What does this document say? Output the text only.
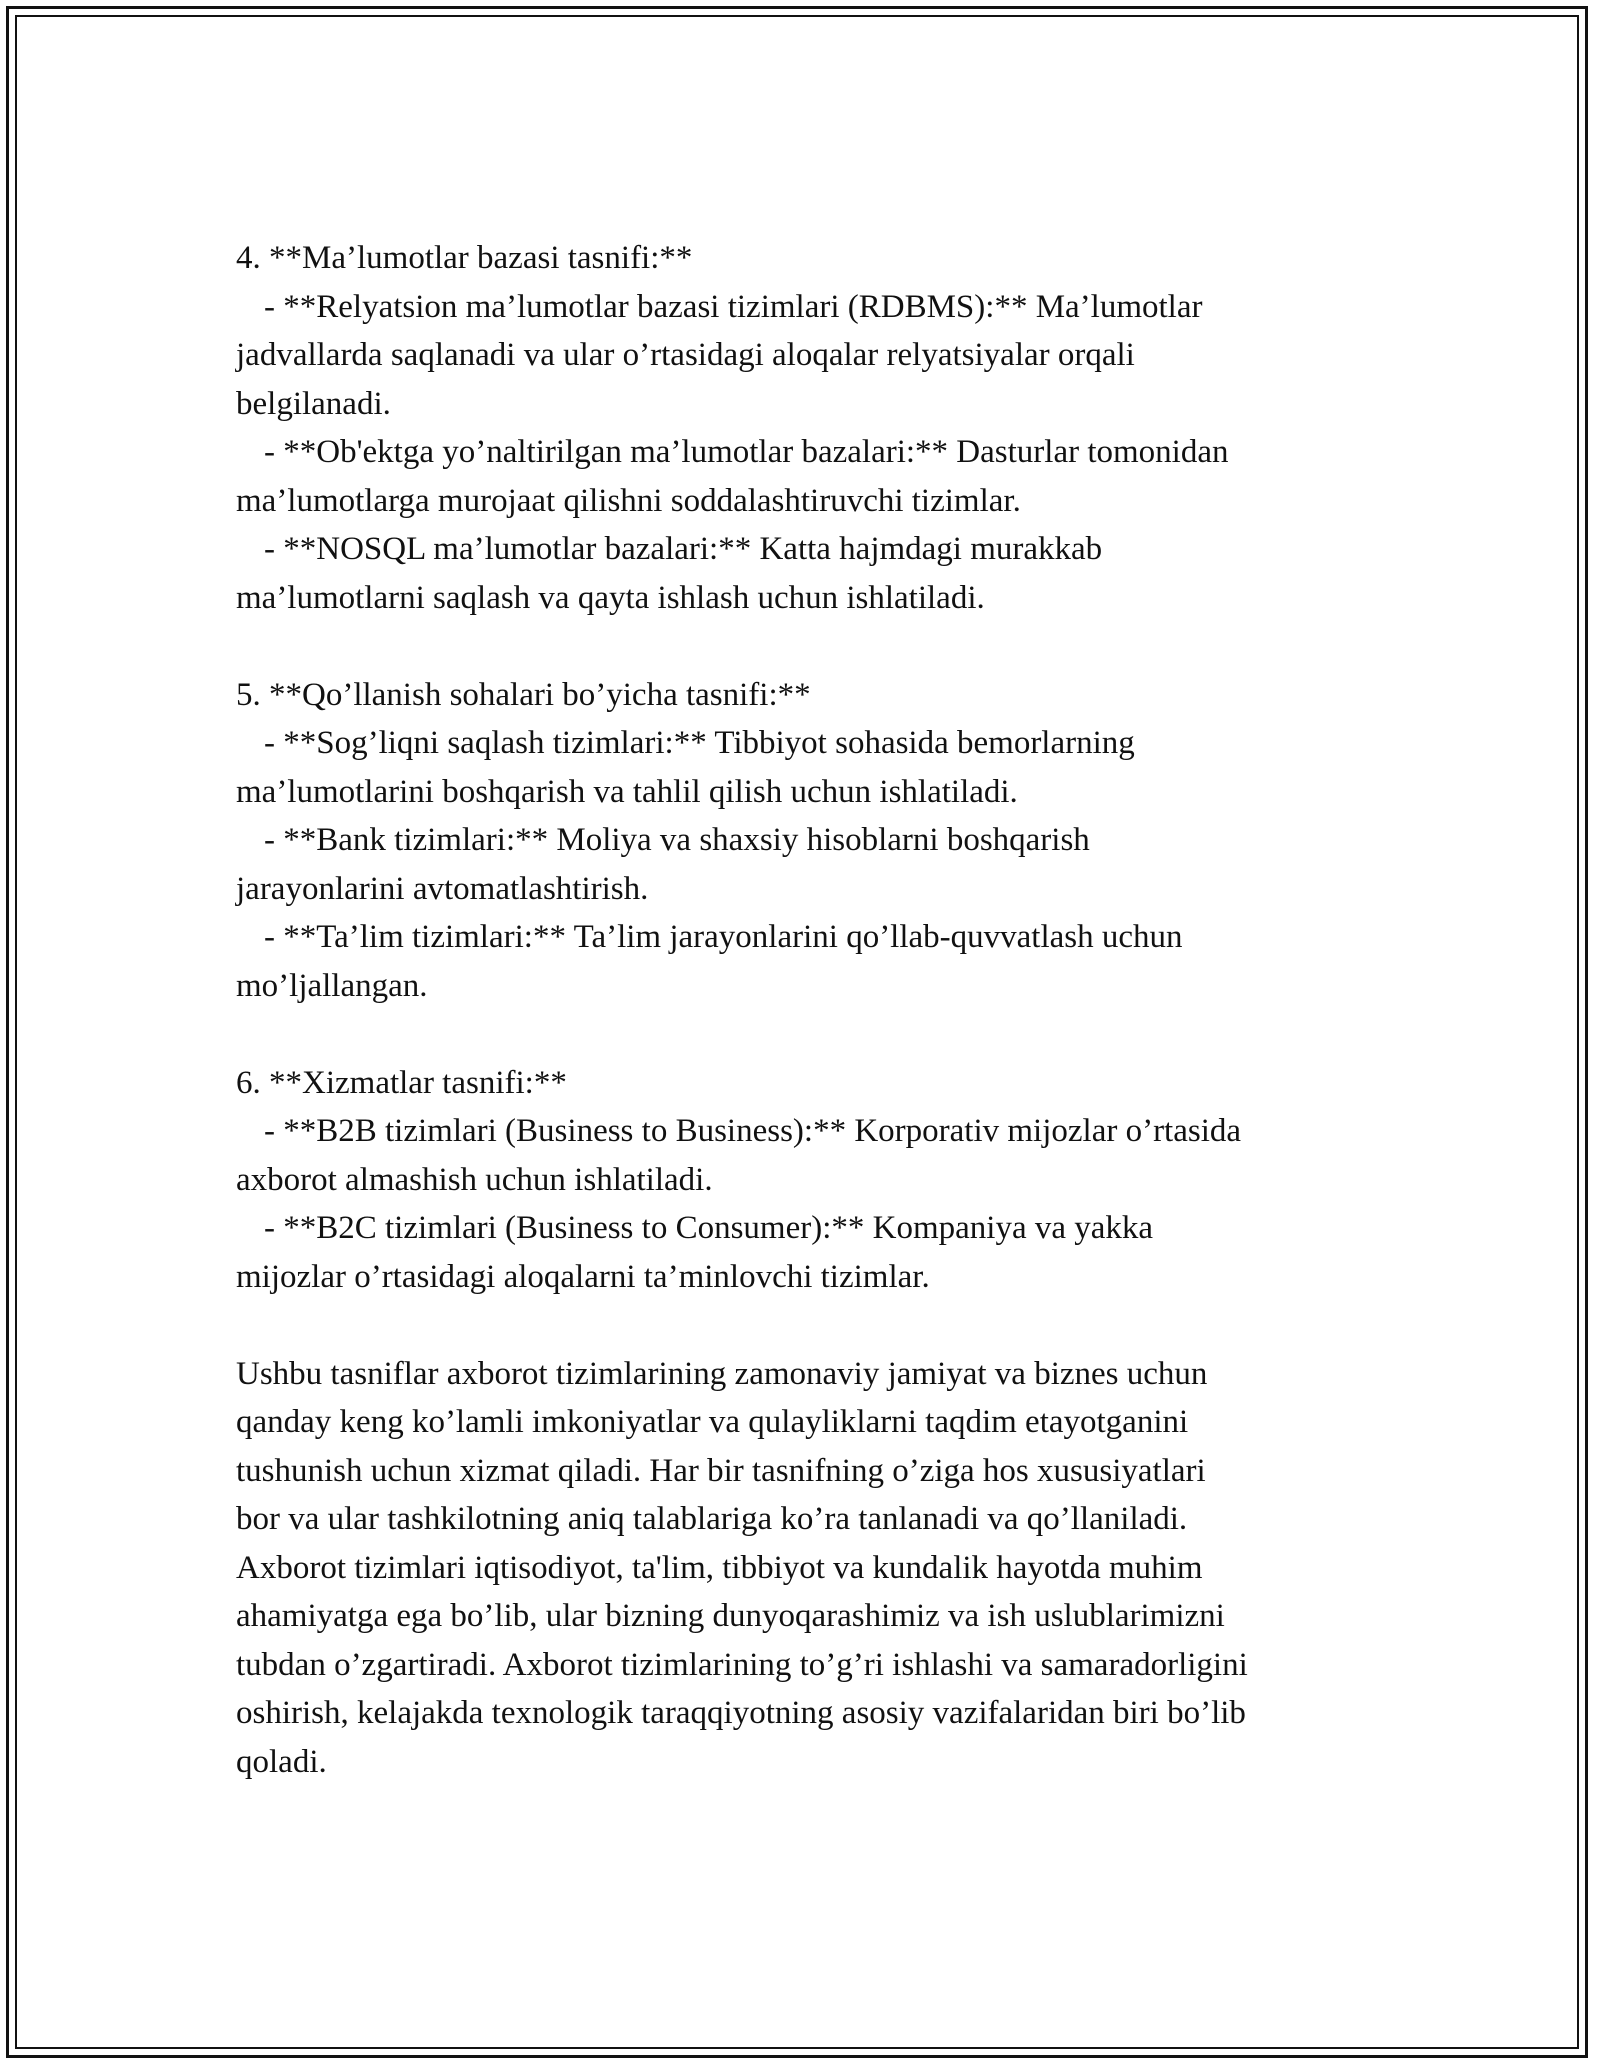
4. **Ma’lumotlar bazasi tasnifi:**
- **Relyatsion ma’lumotlar bazasi tizimlari (RDBMS):** Ma’lumotlar
jadvallarda saqlanadi va ular o’rtasidagi aloqalar relyatsiyalar orqali
belgilanadi.
- **Ob'ektga yo’naltirilgan ma’lumotlar bazalari:** Dasturlar tomonidan
ma’lumotlarga murojaat qilishni soddalashtiruvchi tizimlar.
- **NOSQL ma’lumotlar bazalari:** Katta hajmdagi murakkab
ma’lumotlarni saqlash va qayta ishlash uchun ishlatiladi.
5. **Qo’llanish sohalari bo’yicha tasnifi:**
- **Sog’liqni saqlash tizimlari:** Tibbiyot sohasida bemorlarning
ma’lumotlarini boshqarish va tahlil qilish uchun ishlatiladi.
- **Bank tizimlari:** Moliya va shaxsiy hisoblarni boshqarish
jarayonlarini avtomatlashtirish.
- **Ta’lim tizimlari:** Ta’lim jarayonlarini qo’llab-quvvatlash uchun
mo’ljallangan.
6. **Xizmatlar tasnifi:**
- **B2B tizimlari (Business to Business):** Korporativ mijozlar o’rtasida
axborot almashish uchun ishlatiladi.
- **B2C tizimlari (Business to Consumer):** Kompaniya va yakka
mijozlar o’rtasidagi aloqalarni ta’minlovchi tizimlar.
Ushbu tasniflar axborot tizimlarining zamonaviy jamiyat va biznes uchun
qanday keng ko’lamli imkoniyatlar va qulayliklarni taqdim etayotganini
tushunish uchun xizmat qiladi. Har bir tasnifning o’ziga hos xususiyatlari
bor va ular tashkilotning aniq talablariga ko’ra tanlanadi va qo’llaniladi.
Axborot tizimlari iqtisodiyot, ta'lim, tibbiyot va kundalik hayotda muhim
ahamiyatga ega bo’lib, ular bizning dunyoqarashimiz va ish uslublarimizni
tubdan o’zgartiradi. Axborot tizimlarining to’g’ri ishlashi va samaradorligini
oshirish, kelajakda texnologik taraqqiyotning asosiy vazifalaridan biri bo’lib
qoladi.
